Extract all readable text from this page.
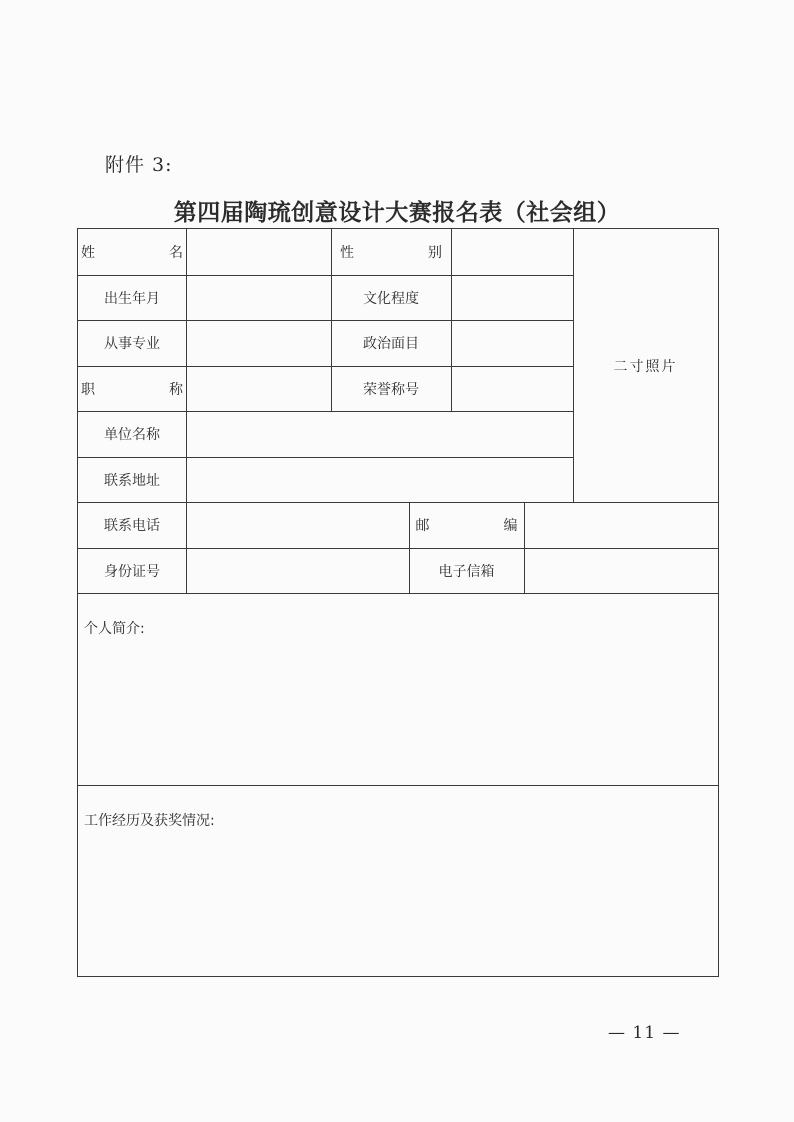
附件 3:
第四届陶琉创意设计大赛报名表（社会组）
姓　名	性　别
出生年月	文化程度
从事专业	政治面目
职　称	荣誉称号
单位名称
联系地址
二寸照片
联系电话	邮　编
身份证号	电子信箱
个人简介:
工作经历及获奖情况:
— 11 —
